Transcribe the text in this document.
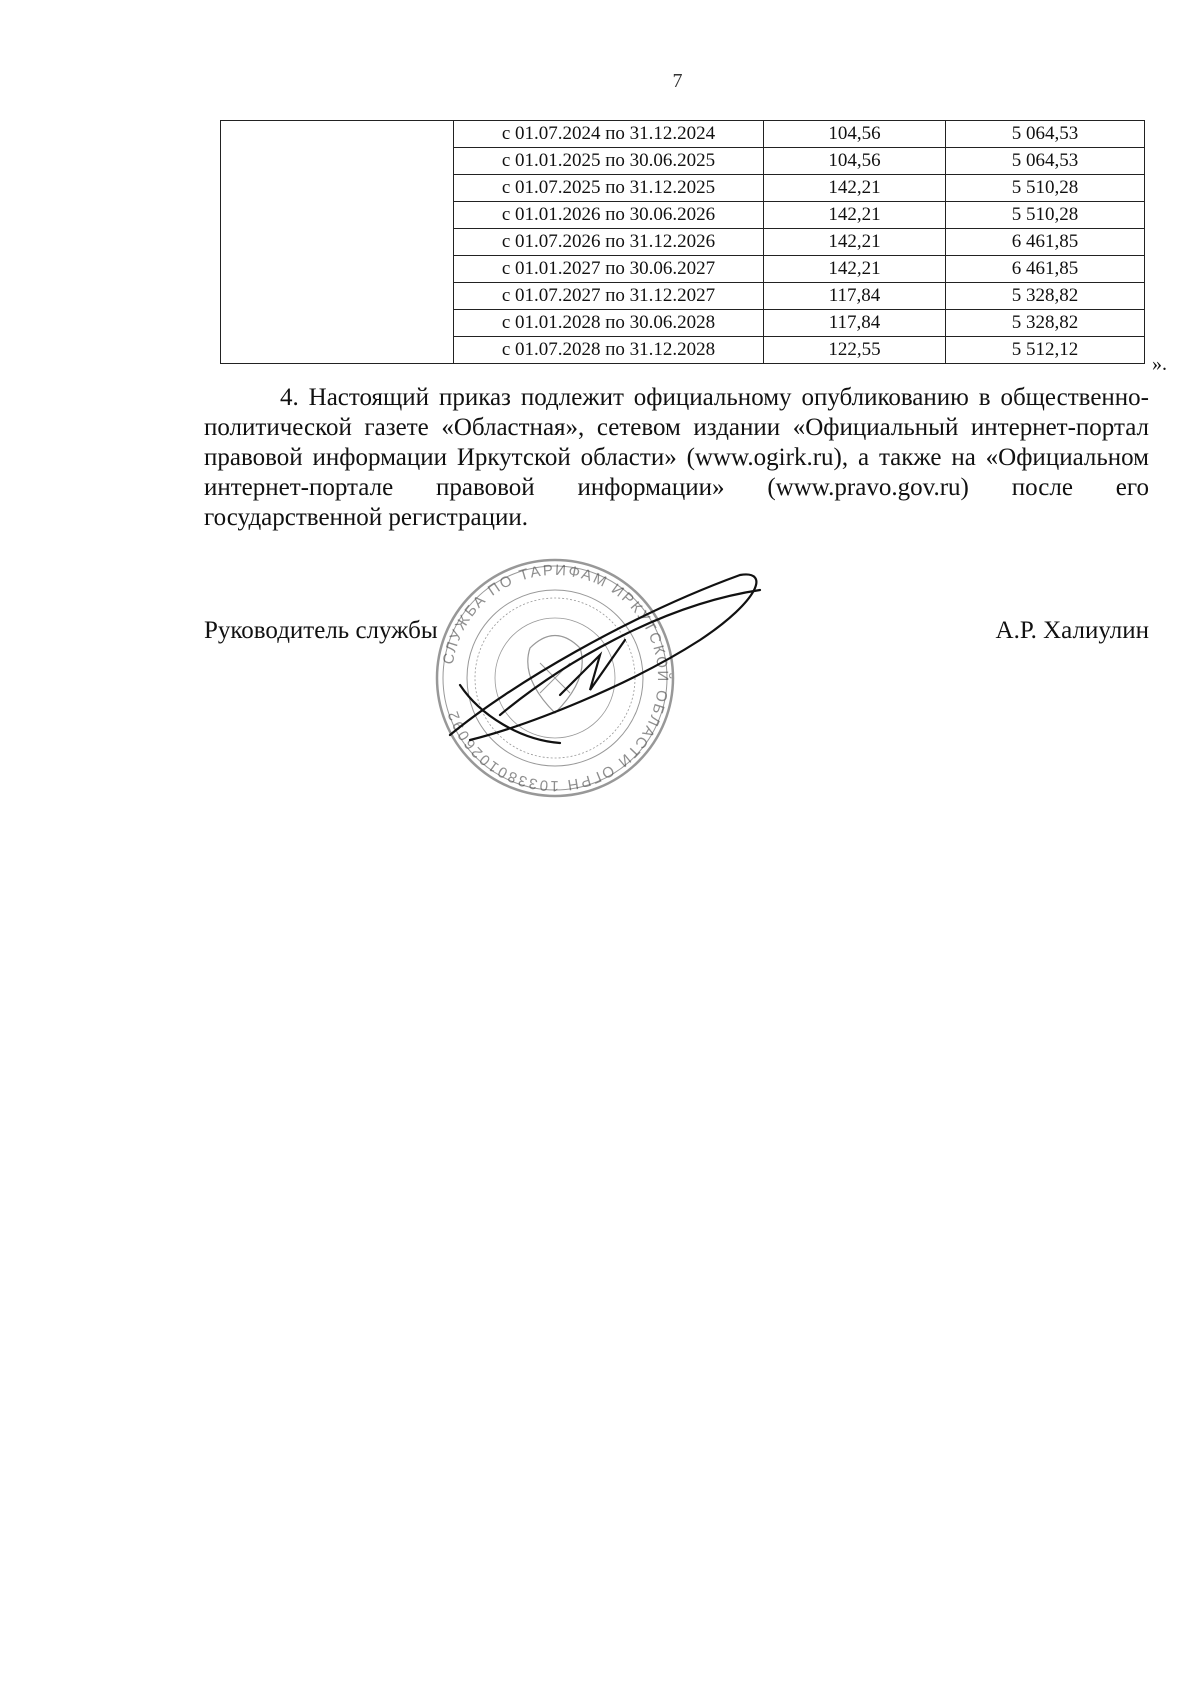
7
	с 01.07.2024 по 31.12.2024	104,56	5 064,53
	с 01.01.2025 по 30.06.2025	104,56	5 064,53
	с 01.07.2025 по 31.12.2025	142,21	5 510,28
	с 01.01.2026 по 30.06.2026	142,21	5 510,28
	с 01.07.2026 по 31.12.2026	142,21	6 461,85
	с 01.01.2027 по 30.06.2027	142,21	6 461,85
	с 01.07.2027 по 31.12.2027	117,84	5 328,82
	с 01.01.2028 по 30.06.2028	117,84	5 328,82
	с 01.07.2028 по 31.12.2028	122,55	5 512,12
».
4. Настоящий приказ подлежит официальному опубликованию в общественно-политической газете «Областная», сетевом издании «Официальный интернет-портал правовой информации Иркутской области» (www.ogirk.ru), а также на «Официальном интернет-портале правовой информации» (www.pravo.gov.ru) после его государственной регистрации.
Руководитель службы	А.Р. Халиулин
СЛУЖБА ПО ТАРИФАМ ИРКУТСКОЙ ОБЛАСТИ ОГРН 1033801026092
